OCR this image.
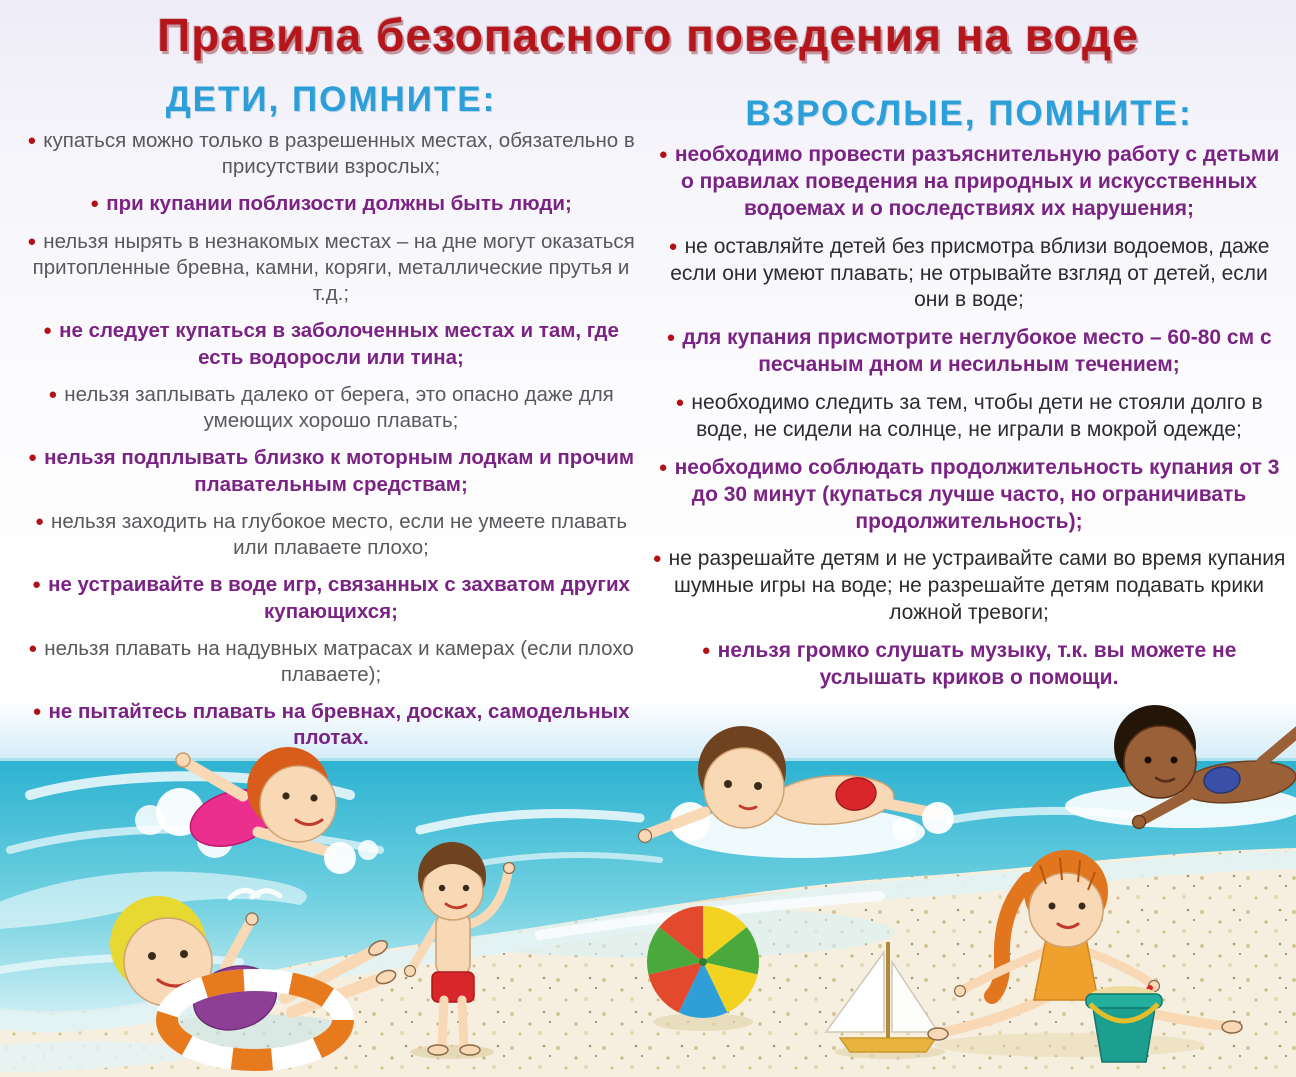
Правила безопасного поведения на воде
ДЕТИ, ПОМНИТЕ:
● купаться можно только в разрешенных местах, обязательно в присутствии взрослых;
● при купании поблизости должны быть люди;
● нельзя нырять в незнакомых местах – на дне могут оказаться притопленные бревна, камни, коряги, металлические прутья и т.д.;
● не следует купаться в заболоченных местах и там, где есть водоросли или тина;
● нельзя заплывать далеко от берега, это опасно даже для умеющих хорошо плавать;
● нельзя подплывать близко к моторным лодкам и прочим плавательным средствам;
● нельзя заходить на глубокое место, если не умеете плавать или плаваете плохо;
● не устраивайте в воде игр, связанных с захватом других купающихся;
● нельзя плавать на надувных матрасах и камерах (если плохо плаваете);
● не пытайтесь плавать на бревнах, досках, самодельных плотах.
ВЗРОСЛЫЕ, ПОМНИТЕ:
● необходимо провести разъяснительную работу с детьми о правилах поведения на природных и искусственных водоемах и о последствиях их нарушения;
● не оставляйте детей без присмотра вблизи водоемов, даже если они умеют плавать; не отрывайте взгляд от детей, если они в воде;
● для купания присмотрите неглубокое место – 60-80 см с песчаным дном и несильным течением;
● необходимо следить за тем, чтобы дети не стояли долго в воде, не сидели на солнце, не играли в мокрой одежде;
● необходимо соблюдать продолжительность купания от 3 до 30 минут (купаться лучше часто, но ограничивать продолжительность);
● не разрешайте детям и не устраивайте сами во время купания шумные игры на воде; не разрешайте детям подавать крики ложной тревоги;
● нельзя громко слушать музыку, т.к. вы можете не услышать криков о помощи.
